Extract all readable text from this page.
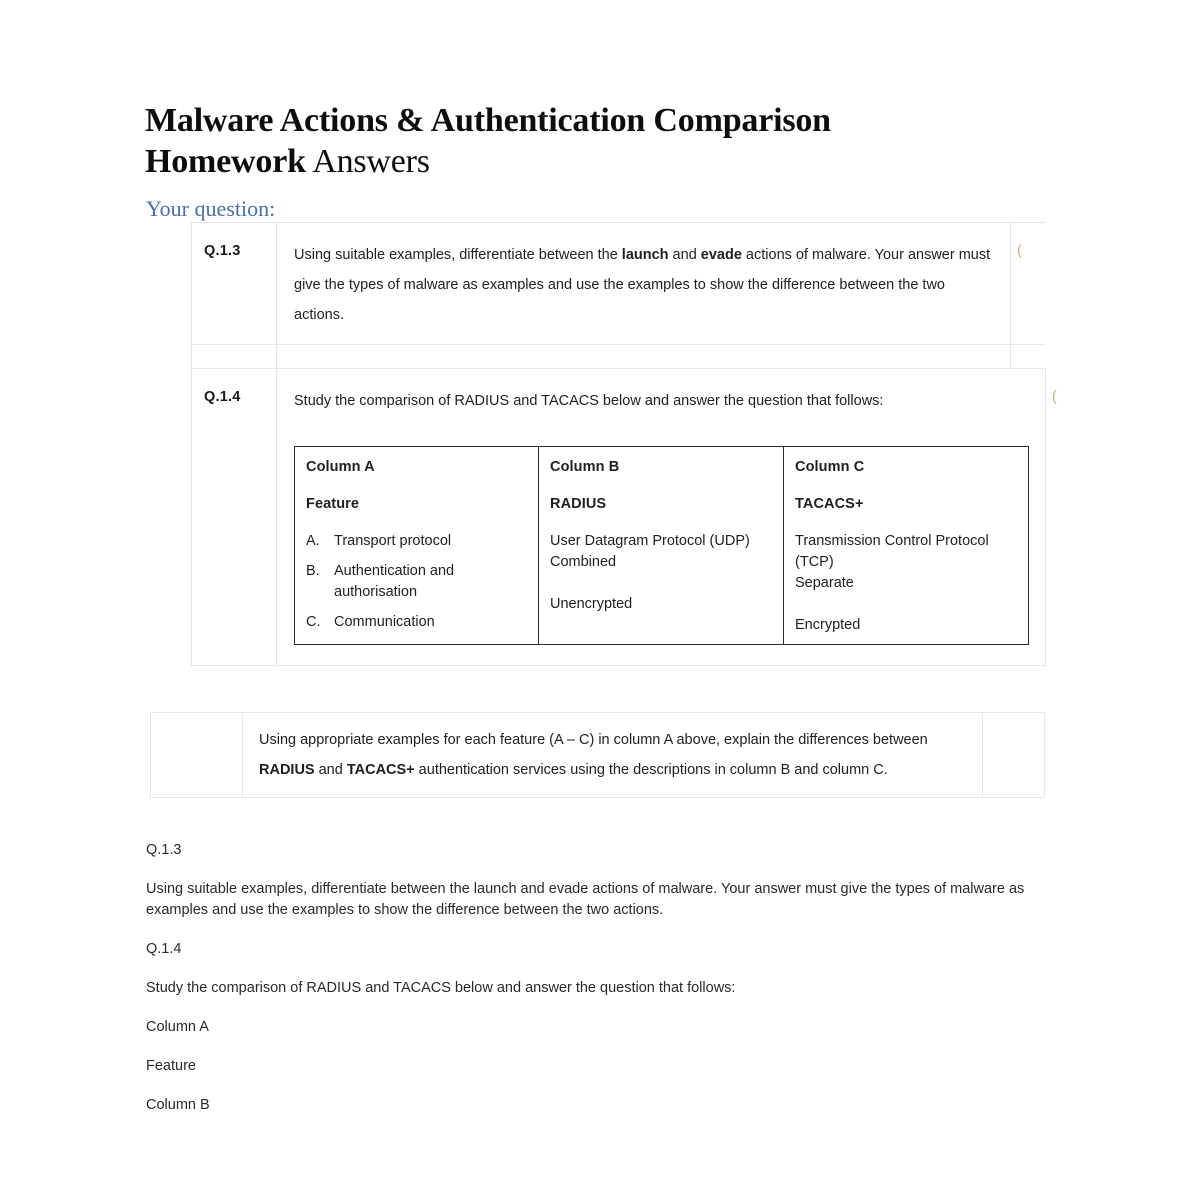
Malware Actions & Authentication Comparison Homework Answers
Your question:
Q.1.3	Using suitable examples, differentiate between the launch and evade actions of malware. Your answer must give the types of malware as examples and use the examples to show the difference between the two actions.
(
Q.1.4	Study the comparison of RADIUS and TACACS below and answer the question that follows:
Column A
Feature
A. Transport protocol
B. Authentication and authorisation
C. Communication
Column B
RADIUS
User Datagram Protocol (UDP)
Combined
Unencrypted
Column C
TACACS+
Transmission Control Protocol (TCP)
Separate
Encrypted
(
Using appropriate examples for each feature (A – C) in column A above, explain the differences between RADIUS and TACACS+ authentication services using the descriptions in column B and column C.
Q.1.3
Using suitable examples, differentiate between the launch and evade actions of malware. Your answer must give the types of malware as examples and use the examples to show the difference between the two actions.
Q.1.4
Study the comparison of RADIUS and TACACS below and answer the question that follows:
Column A
Feature
Column B
